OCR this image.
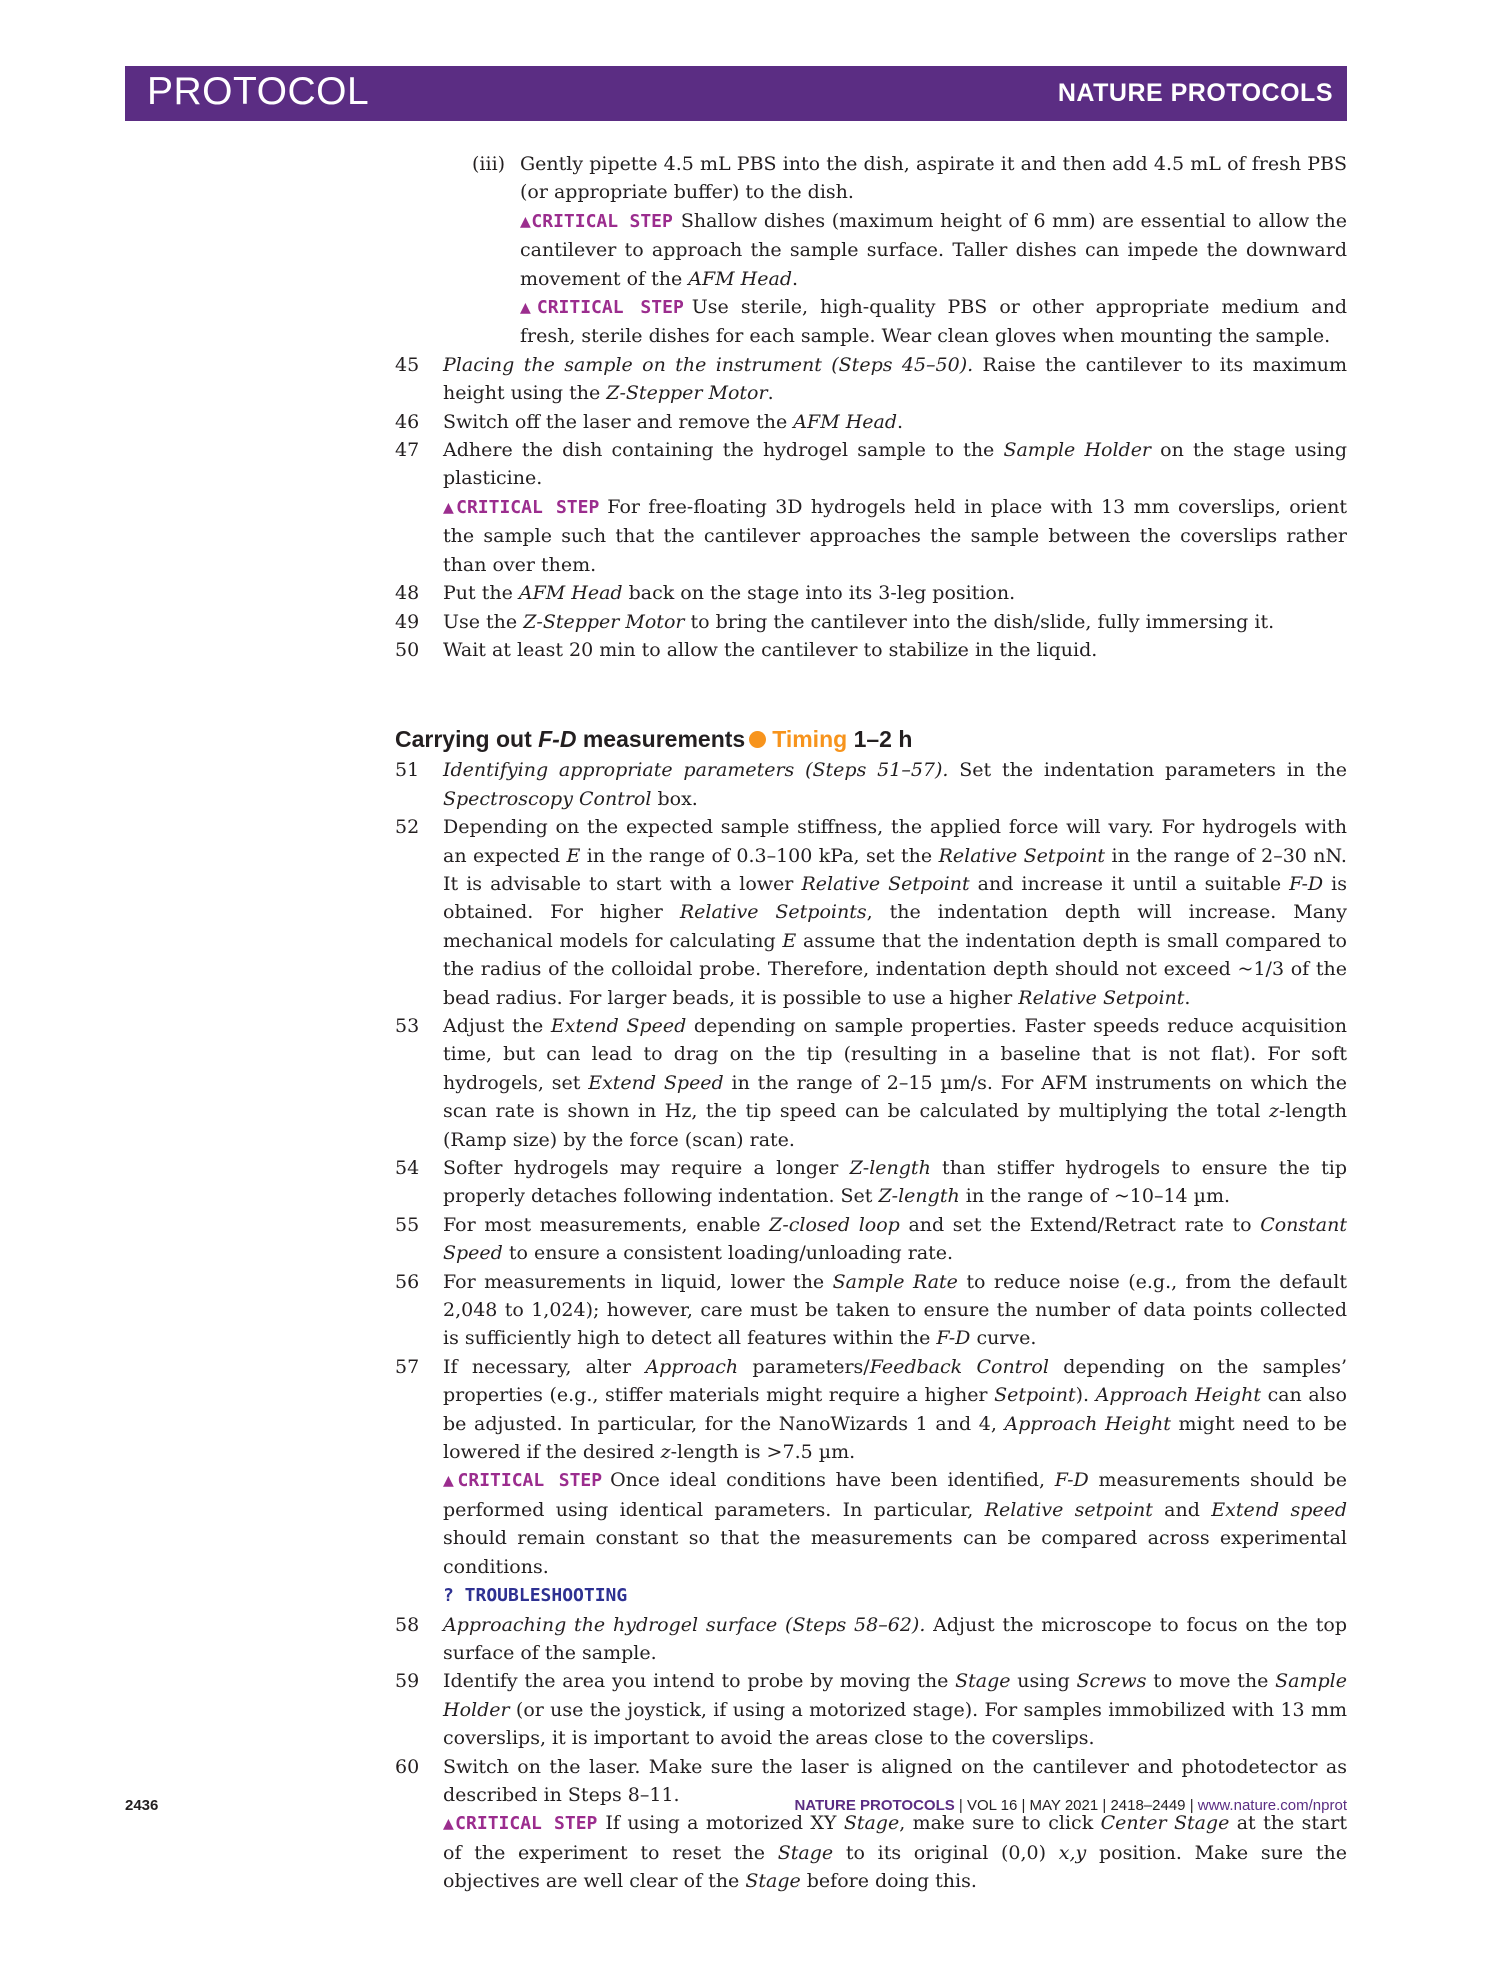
PROTOCOL	NATURE PROTOCOLS
(iii) Gently pipette 4.5 mL PBS into the dish, aspirate it and then add 4.5 mL of fresh PBS (or appropriate buffer) to the dish.

▲CRITICAL STEP Shallow dishes (maximum height of 6 mm) are essential to allow the cantilever to approach the sample surface. Taller dishes can impede the downward movement of the AFM Head.

▲CRITICAL STEP Use sterile, high-quality PBS or other appropriate medium and fresh, sterile dishes for each sample. Wear clean gloves when mounting the sample.

45 Placing the sample on the instrument (Steps 45–50). Raise the cantilever to its maximum height using the Z-Stepper Motor.
46 Switch off the laser and remove the AFM Head.
47 Adhere the dish containing the hydrogel sample to the Sample Holder on the stage using plasticine.

▲CRITICAL STEP For free-floating 3D hydrogels held in place with 13 mm coverslips, orient the sample such that the cantilever approaches the sample between the coverslips rather than over them.

48 Put the AFM Head back on the stage into its 3-leg position.
49 Use the Z-Stepper Motor to bring the cantilever into the dish/slide, fully immersing it.
50 Wait at least 20 min to allow the cantilever to stabilize in the liquid.
Carrying out F-D measurements Timing 1–2 h
51 Identifying appropriate parameters (Steps 51–57). Set the indentation parameters in the Spectroscopy Control box.
52 Depending on the expected sample stiffness, the applied force will vary. For hydrogels with an expected E in the range of 0.3–100 kPa, set the Relative Setpoint in the range of 2–30 nN. It is advisable to start with a lower Relative Setpoint and increase it until a suitable F-D is obtained. For higher Relative Setpoints, the indentation depth will increase. Many mechanical models for calculating E assume that the indentation depth is small compared to the radius of the colloidal probe. Therefore, indentation depth should not exceed ~1/3 of the bead radius. For larger beads, it is possible to use a higher Relative Setpoint.
53 Adjust the Extend Speed depending on sample properties. Faster speeds reduce acquisition time, but can lead to drag on the tip (resulting in a baseline that is not flat). For soft hydrogels, set Extend Speed in the range of 2–15 µm/s. For AFM instruments on which the scan rate is shown in Hz, the tip speed can be calculated by multiplying the total z-length (Ramp size) by the force (scan) rate.
54 Softer hydrogels may require a longer Z-length than stiffer hydrogels to ensure the tip properly detaches following indentation. Set Z-length in the range of ~10–14 µm.
55 For most measurements, enable Z-closed loop and set the Extend/Retract rate to Constant Speed to ensure a consistent loading/unloading rate.
56 For measurements in liquid, lower the Sample Rate to reduce noise (e.g., from the default 2,048 to 1,024); however, care must be taken to ensure the number of data points collected is sufficiently high to detect all features within the F-D curve.
57 If necessary, alter Approach parameters/Feedback Control depending on the samples’ properties (e.g., stiffer materials might require a higher Setpoint). Approach Height can also be adjusted. In particular, for the NanoWizards 1 and 4, Approach Height might need to be lowered if the desired z-length is >7.5 µm.

▲CRITICAL STEP Once ideal conditions have been identified, F-D measurements should be performed using identical parameters. In particular, Relative setpoint and Extend speed should remain constant so that the measurements can be compared across experimental conditions.

? TROUBLESHOOTING

58 Approaching the hydrogel surface (Steps 58–62). Adjust the microscope to focus on the top surface of the sample.
59 Identify the area you intend to probe by moving the Stage using Screws to move the Sample Holder (or use the joystick, if using a motorized stage). For samples immobilized with 13 mm coverslips, it is important to avoid the areas close to the coverslips.
60 Switch on the laser. Make sure the laser is aligned on the cantilever and photodetector as described in Steps 8–11.

▲CRITICAL STEP If using a motorized XY Stage, make sure to click Center Stage at the start of the experiment to reset the Stage to its original (0,0) x,y position. Make sure the objectives are well clear of the Stage before doing this.

2436	NATURE PROTOCOLS | VOL 16 | MAY 2021 | 2418–2449 | www.nature.com/nprot
